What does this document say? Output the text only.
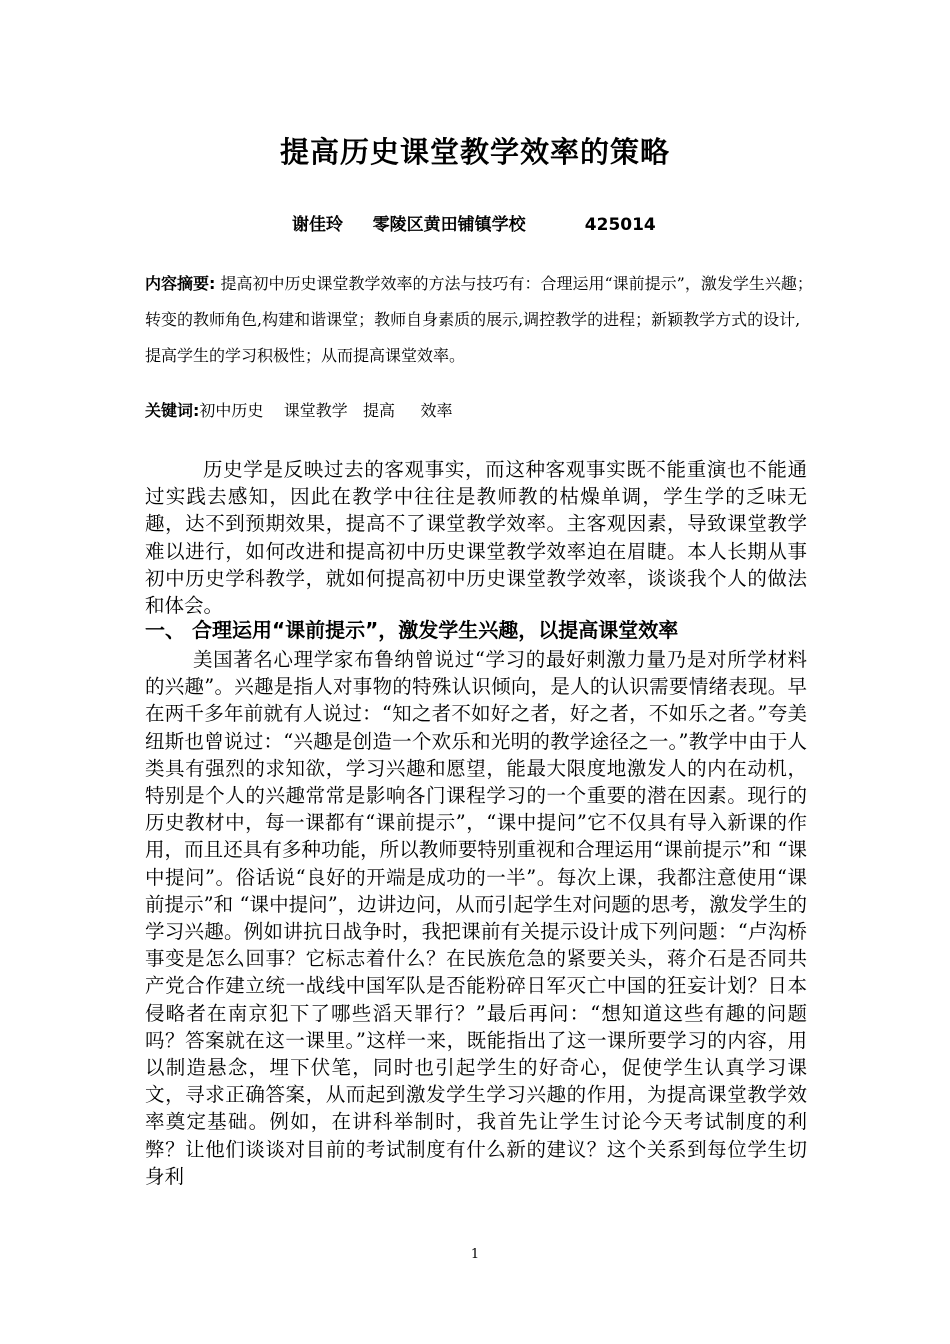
提高历史课堂教学效率的策略
谢佳玲 零陵区黄田铺镇学校	425014
内容摘要: 提高初中历史课堂教学效率的方法与技巧有：合理运用“课前提示”，激发学生兴趣；转变的教师角色,构建和谐课堂；教师自身素质的展示,调控教学的进程；新颖教学方式的设计,提高学生的学习积极性；从而提高课堂效率。
关键词:初中历史    课堂教学   提高     效率
历史学是反映过去的客观事实，而这种客观事实既不能重演也不能通过实践去感知，因此在教学中往往是教师教的枯燥单调，学生学的乏味无趣，达不到预期效果，提高不了课堂教学效率。主客观因素，导致课堂教学难以进行，如何改进和提高初中历史课堂教学效率迫在眉睫。本人长期从事初中历史学科教学，就如何提高初中历史课堂教学效率，谈谈我个人的做法和体会。
一、 合理运用“课前提示”，激发学生兴趣，以提高课堂效率
美国著名心理学家布鲁纳曾说过“学习的最好刺激力量乃是对所学材料的兴趣”。兴趣是指人对事物的特殊认识倾向，是人的认识需要情绪表现。早在两千多年前就有人说过：“知之者不如好之者，好之者，不如乐之者。”夸美纽斯也曾说过：“兴趣是创造一个欢乐和光明的教学途径之一。”教学中由于人类具有强烈的求知欲，学习兴趣和愿望，能最大限度地激发人的内在动机，特别是个人的兴趣常常是影响各门课程学习的一个重要的潜在因素。现行的历史教材中，每一课都有“课前提示”，“课中提问”它不仅具有导入新课的作用，而且还具有多种功能，所以教师要特别重视和合理运用“课前提示”和 “课中提问”。俗话说“良好的开端是成功的一半”。每次上课，我都注意使用“课前提示”和 “课中提问”，边讲边问，从而引起学生对问题的思考，激发学生的学习兴趣。例如讲抗日战争时，我把课前有关提示设计成下列问题：“卢沟桥事变是怎么回事？它标志着什么？在民族危急的紧要关头，蒋介石是否同共产党合作建立统一战线中国军队是否能粉碎日军灭亡中国的狂妄计划？日本侵略者在南京犯下了哪些滔天罪行？”最后再问：“想知道这些有趣的问题吗？答案就在这一课里。”这样一来，既能指出了这一课所要学习的内容，用以制造悬念，埋下伏笔，同时也引起学生的好奇心，促使学生认真学习课文，寻求正确答案，从而起到激发学生学习兴趣的作用，为提高课堂教学效率奠定基础。例如，在讲科举制时，我首先让学生讨论今天考试制度的利弊？让他们谈谈对目前的考试制度有什么新的建议？这个关系到每位学生切身利
1
